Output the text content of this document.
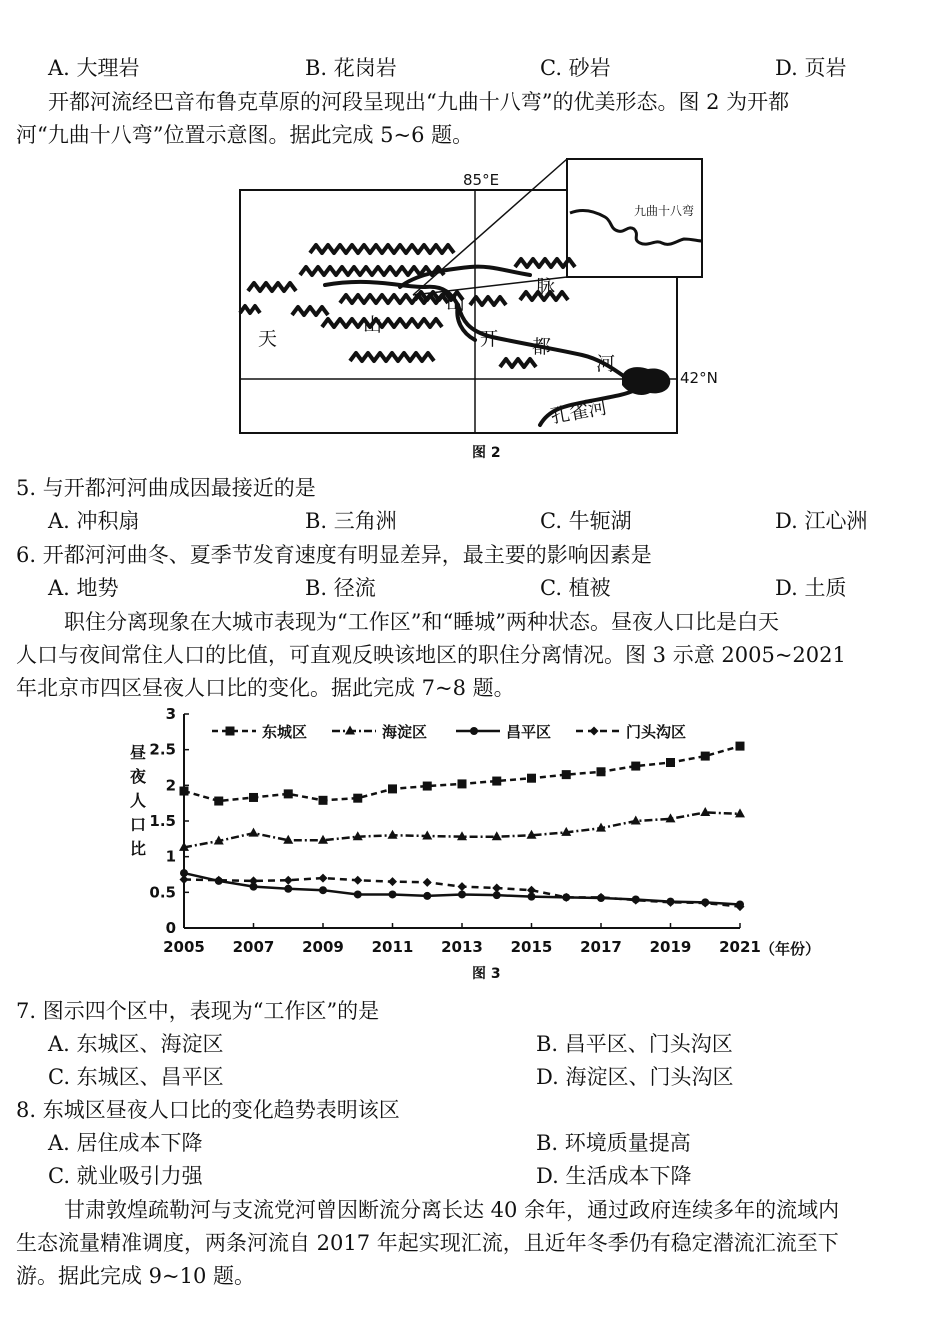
A. 大理岩	B. 花岗岩	C. 砂岩	D. 页岩
开都河流经巴音布鲁克草原的河段呈现出“九曲十八弯”的优美形态。图 2 为开都
河“九曲十八弯”位置示意图。据此完成 5~6 题。
85°E
42°N
九曲十八弯
天
山
山
脉
开 都
河
孔雀河
图 2
5. 与开都河河曲成因最接近的是
A. 冲积扇	B. 三角洲	C. 牛轭湖	D. 江心洲
6. 开都河河曲冬、夏季节发育速度有明显差异，最主要的影响因素是
A. 地势	B. 径流	C. 植被	D. 土质
职住分离现象在大城市表现为“工作区”和“睡城”两种状态。昼夜人口比是白天
人口与夜间常住人口的比值，可直观反映该地区的职住分离情况。图 3 示意 2005~2021
年北京市四区昼夜人口比的变化。据此完成 7~8 题。
0
0.5
1
1.5
2
2.5
3
2005 2007 2009 2011 2013 2015 2017 2019 2021
东城区	海淀区	昌平区	门头沟区
（年份）
图 3
昼
夜
人
口
比
7. 图示四个区中，表现为“工作区”的是
A. 东城区、海淀区	B. 昌平区、门头沟区
C. 东城区、昌平区	D. 海淀区、门头沟区
8. 东城区昼夜人口比的变化趋势表明该区
A. 居住成本下降	B. 环境质量提高
C. 就业吸引力强	D. 生活成本下降
甘肃敦煌疏勒河与支流党河曾因断流分离长达 40 余年，通过政府连续多年的流域内
生态流量精准调度，两条河流自 2017 年起实现汇流，且近年冬季仍有稳定潜流汇流至下
游。据此完成 9~10 题。
